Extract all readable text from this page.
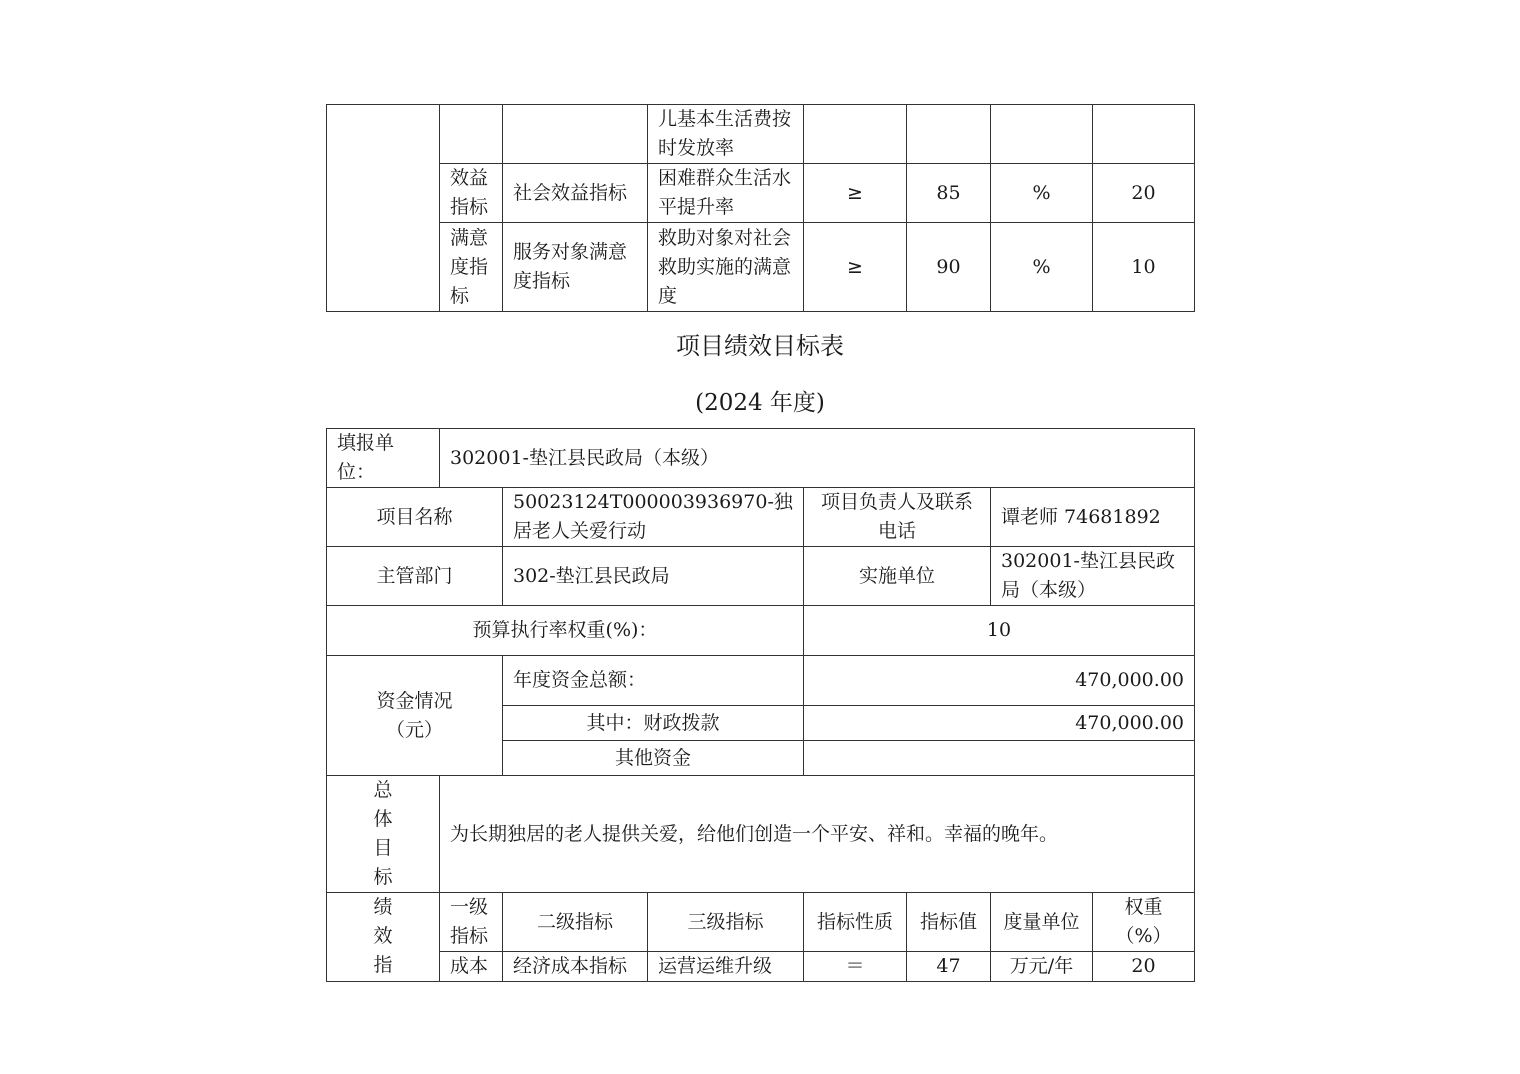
			儿基本生活费按时发放率				
	效益指标	社会效益指标	困难群众生活水平提升率	≥	85	%	20
	满意度指标	服务对象满意度指标	救助对象对社会救助实施的满意度	≥	90	%	10
项目绩效目标表
(2024 年度)
填报单位：	302001-垫江县民政局（本级）						
项目名称		50023124T000003936970-独居老人关爱行动		项目负责人及联系电话		谭老师 74681892	
主管部门		302-垫江县民政局		实施单位		302001-垫江县民政局（本级）	
预算执行率权重(%)：				10			

资金情况（元）		年度资金总额：		470,000.00			
		其中：财政拨款		470,000.00			
		其他资金					

总体目标	为长期独居的老人提供关爱，给他们创造一个平安、祥和。幸福的晚年。						

绩效指	一级指标	二级指标	三级指标	指标性质	指标值	度量单位	权重（%）
	成本	经济成本指标	运营运维升级	＝	47	万元/年	20
